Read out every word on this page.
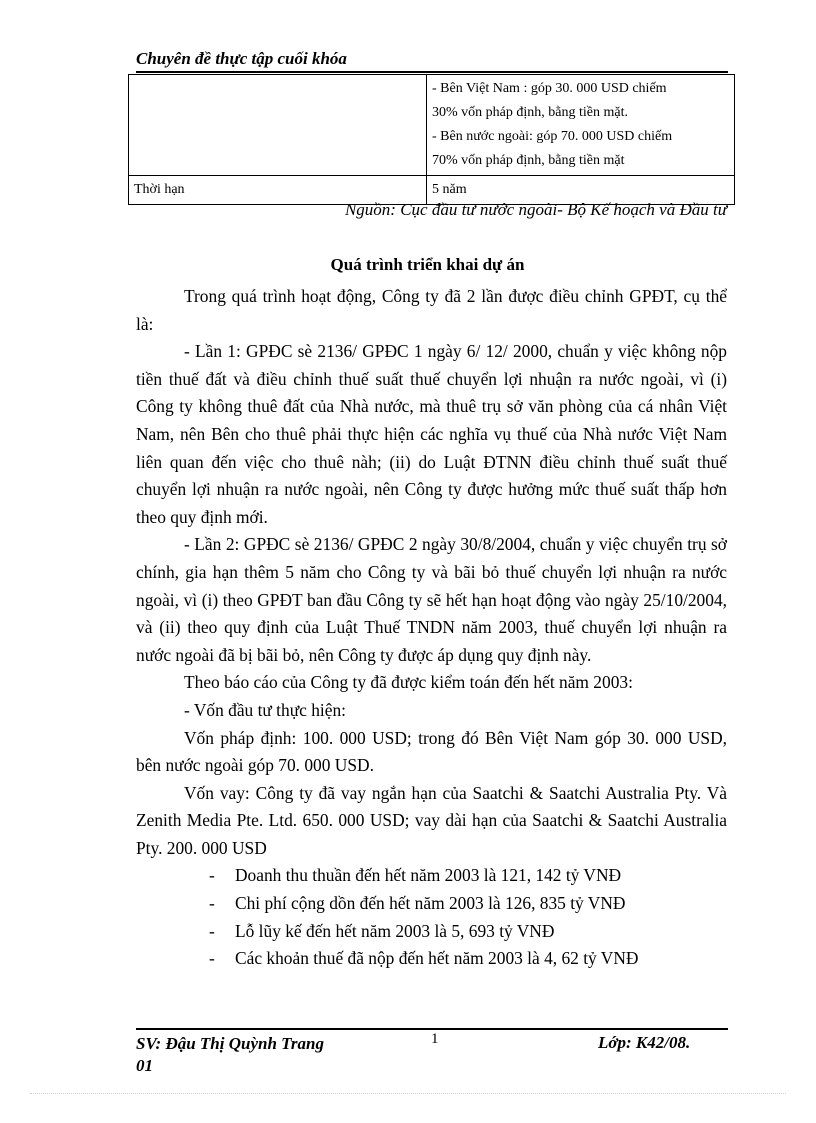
Chuyên đề thực tập cuối khóa

	- Bên Việt Nam : góp 30. 000 USD chiếm
30% vốn pháp định, bằng tiền mặt.
- Bên nước ngoài: góp 70. 000 USD chiếm
70% vốn pháp định, bằng tiền mặt

Thời hạn	5 năm
Nguồn: Cục đầu tư nước ngoài- Bộ Kế hoạch và Đầu tư
Quá trình triển khai dự án

Trong quá trình hoạt động, Công ty đã 2 lần được điều chỉnh GPĐT, cụ thể là:

- Lần 1: GPĐC sè 2136/ GPĐC 1 ngày 6/ 12/ 2000, chuẩn y việc không nộp tiền thuế đất và điều chỉnh thuế suất thuế chuyển lợi nhuận ra nước ngoài, vì (i) Công ty không thuê đất của Nhà nước, mà thuê trụ sở văn phòng của cá nhân Việt Nam, nên Bên cho thuê phải thực hiện các nghĩa vụ thuế của Nhà nước Việt Nam liên quan đến việc cho thuê nàh; (ii) do Luật ĐTNN điều chỉnh thuế suất thuế chuyển lợi nhuận ra nước ngoài, nên Công ty được hưởng mức thuế suất thấp hơn theo quy định mới.

- Lần 2: GPĐC sè 2136/ GPĐC 2 ngày 30/8/2004, chuẩn y việc chuyển trụ sở chính, gia hạn thêm 5 năm cho Công ty và bãi bỏ thuế chuyển lợi nhuận ra nước ngoài, vì (i) theo GPĐT ban đầu Công ty sẽ hết hạn hoạt động vào ngày 25/10/2004, và (ii) theo quy định của Luật Thuế TNDN năm 2003, thuế chuyển lợi nhuận ra nước ngoài đã bị bãi bỏ, nên Công ty được áp dụng quy định này.

Theo báo cáo của Công ty đã được kiểm toán đến hết năm 2003:

- Vốn đầu tư thực hiện:

Vốn pháp định: 100. 000 USD; trong đó Bên Việt Nam góp 30. 000 USD, bên nước ngoài góp 70. 000 USD.

Vốn vay: Công ty đã vay ngắn hạn của Saatchi & Saatchi Australia Pty. Và Zenith Media Pte. Ltd. 650. 000 USD; vay dài hạn của Saatchi & Saatchi Australia Pty. 200. 000 USD

- Doanh thu thuần đến hết năm 2003 là 121, 142 tỷ VNĐ
- Chi phí cộng dồn đến hết năm 2003 là 126, 835 tỷ VNĐ
- Lỗ lũy kế đến hết năm 2003 là 5, 693 tỷ VNĐ
- Các khoản thuế đã nộp đến hết năm 2003 là 4, 62 tỷ VNĐ
SV: Đậu Thị Quỳnh Trang
01
1	Lớp: K42/08.
